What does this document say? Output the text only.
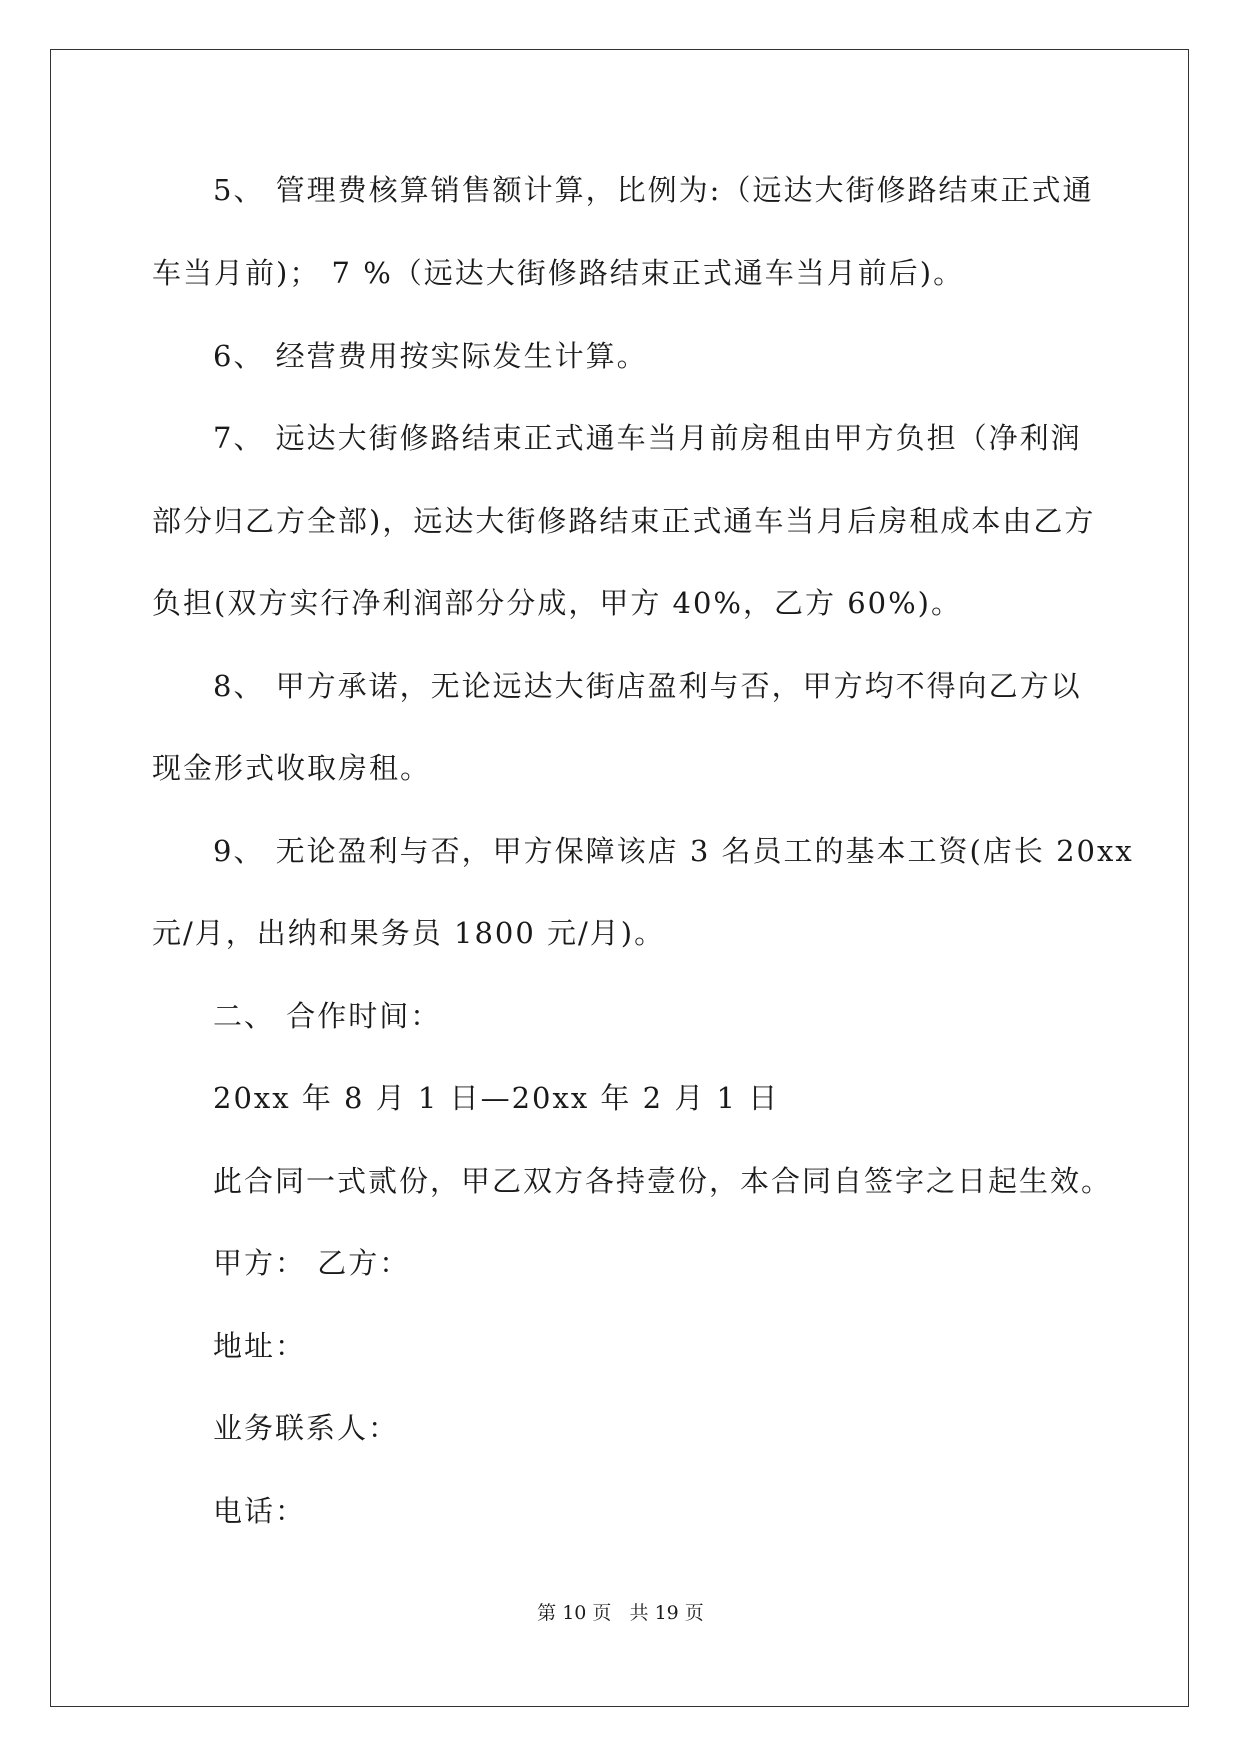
5、 管理费核算销售额计算，比例为:（远达大街修路结束正式通
车当月前)； 7 %（远达大街修路结束正式通车当月前后)。
6、 经营费用按实际发生计算。
7、 远达大街修路结束正式通车当月前房租由甲方负担（净利润
部分归乙方全部)，远达大街修路结束正式通车当月后房租成本由乙方
负担(双方实行净利润部分分成，甲方 40%，乙方 60%)。
8、 甲方承诺，无论远达大街店盈利与否，甲方均不得向乙方以
现金形式收取房租。
9、 无论盈利与否，甲方保障该店 3 名员工的基本工资(店长 20xx
元/月，出纳和果务员 1800 元/月)。
二、 合作时间：
20xx 年 8 月 1 日—20xx 年 2 月 1 日
此合同一式贰份，甲乙双方各持壹份，本合同自签字之日起生效。
甲方： 乙方：
地址：
业务联系人：
电话：
第 10 页   共 19 页
